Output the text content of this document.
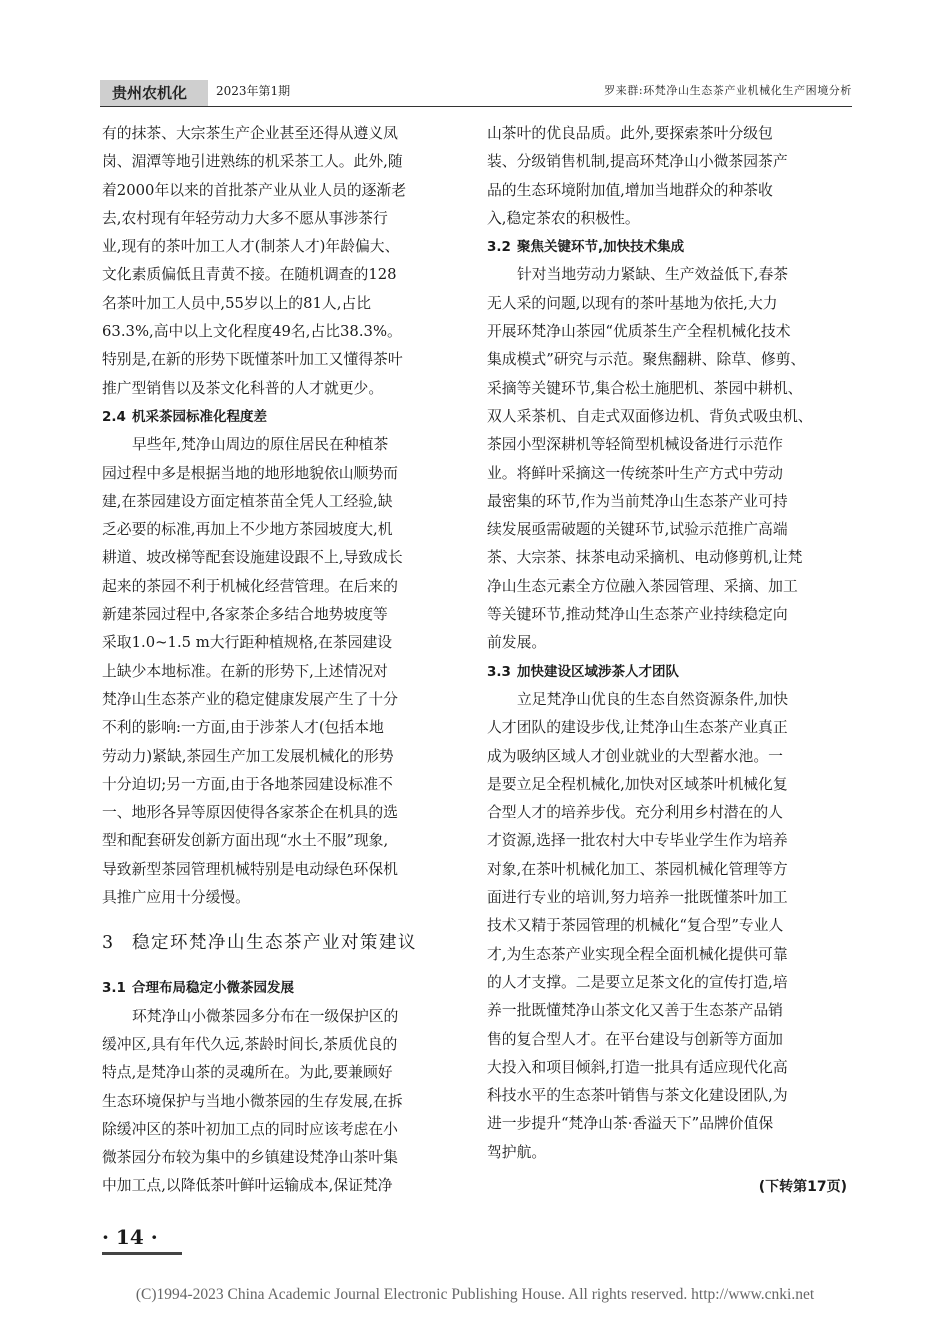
贵州农机化	2023年第1期	罗来群:环梵净山生态茶产业机械化生产困境分析

有的抹茶、大宗茶生产企业甚至还得从遵义凤

岗、湄潭等地引进熟练的机采茶工人。此外,随

着2000年以来的首批茶产业从业人员的逐渐老

去,农村现有年轻劳动力大多不愿从事涉茶行

业,现有的茶叶加工人才(制茶人才)年龄偏大、

文化素质偏低且青黄不接。在随机调查的128

名茶叶加工人员中,55岁以上的81人,占比

63.3%,高中以上文化程度49名,占比38.3%。

特别是,在新的形势下既懂茶叶加工又懂得茶叶

推广型销售以及茶文化科普的人才就更少。

2.4 机采茶园标准化程度差

早些年,梵净山周边的原住居民在种植茶

园过程中多是根据当地的地形地貌依山顺势而

建,在茶园建设方面定植茶苗全凭人工经验,缺

乏必要的标准,再加上不少地方茶园坡度大,机

耕道、坡改梯等配套设施建设跟不上,导致成长

起来的茶园不利于机械化经营管理。在后来的

新建茶园过程中,各家茶企多结合地势坡度等

采取1.0~1.5 m大行距种植规格,在茶园建设

上缺少本地标准。在新的形势下,上述情况对

梵净山生态茶产业的稳定健康发展产生了十分

不利的影响:一方面,由于涉茶人才(包括本地

劳动力)紧缺,茶园生产加工发展机械化的形势

十分迫切;另一方面,由于各地茶园建设标准不

一、地形各异等原因使得各家茶企在机具的选

型和配套研发创新方面出现“水土不服”现象,

导致新型茶园管理机械特别是电动绿色环保机

具推广应用十分缓慢。

3 稳定环梵净山生态茶产业对策建议
3.1 合理布局稳定小微茶园发展

环梵净山小微茶园多分布在一级保护区的

缓冲区,具有年代久远,茶龄时间长,茶质优良的

特点,是梵净山茶的灵魂所在。为此,要兼顾好

生态环境保护与当地小微茶园的生存发展,在拆

除缓冲区的茶叶初加工点的同时应该考虑在小

微茶园分布较为集中的乡镇建设梵净山茶叶集

中加工点,以降低茶叶鲜叶运输成本,保证梵净

山茶叶的优良品质。此外,要探索茶叶分级包

装、分级销售机制,提高环梵净山小微茶园茶产

品的生态环境附加值,增加当地群众的种茶收

入,稳定茶农的积极性。

3.2 聚焦关键环节,加快技术集成

针对当地劳动力紧缺、生产效益低下,春茶

无人采的问题,以现有的茶叶基地为依托,大力

开展环梵净山茶园“优质茶生产全程机械化技术

集成模式”研究与示范。聚焦翻耕、除草、修剪、

采摘等关键环节,集合松土施肥机、茶园中耕机、

双人采茶机、自走式双面修边机、背负式吸虫机、

茶园小型深耕机等轻简型机械设备进行示范作

业。将鲜叶采摘这一传统茶叶生产方式中劳动

最密集的环节,作为当前梵净山生态茶产业可持

续发展亟需破题的关键环节,试验示范推广高端

茶、大宗茶、抹茶电动采摘机、电动修剪机,让梵

净山生态元素全方位融入茶园管理、采摘、加工

等关键环节,推动梵净山生态茶产业持续稳定向

前发展。

3.3 加快建设区域涉茶人才团队

立足梵净山优良的生态自然资源条件,加快

人才团队的建设步伐,让梵净山生态茶产业真正

成为吸纳区域人才创业就业的大型蓄水池。一

是要立足全程机械化,加快对区域茶叶机械化复

合型人才的培养步伐。充分利用乡村潜在的人

才资源,选择一批农村大中专毕业学生作为培养

对象,在茶叶机械化加工、茶园机械化管理等方

面进行专业的培训,努力培养一批既懂茶叶加工

技术又精于茶园管理的机械化“复合型”专业人

才,为生态茶产业实现全程全面机械化提供可靠

的人才支撑。二是要立足茶文化的宣传打造,培

养一批既懂梵净山茶文化又善于生态茶产品销

售的复合型人才。在平台建设与创新等方面加

大投入和项目倾斜,打造一批具有适应现代化高

科技水平的生态茶叶销售与茶文化建设团队,为

进一步提升“梵净山茶·香溢天下”品牌价值保

驾护航。

(下转第17页)
· 14 ·
(C)1994-2023 China Academic Journal Electronic Publishing House. All rights reserved. http://www.cnki.net
